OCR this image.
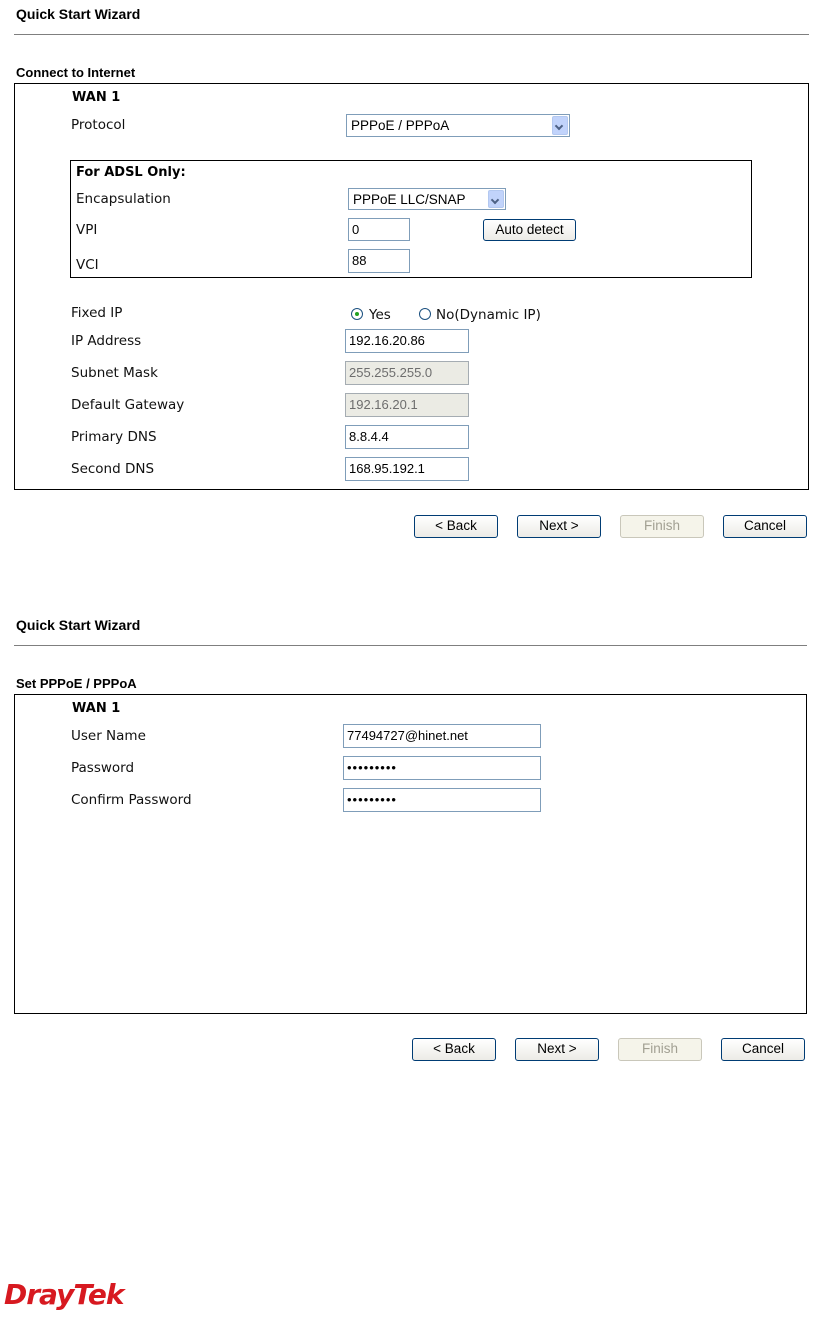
Quick Start Wizard
Connect to Internet
WAN 1
Protocol	PPPoE / PPPoA
For ADSL Only:
Encapsulation	PPPoE LLC/SNAP
VPI	0	Auto detect
VCI	88
Fixed IP	Yes	No(Dynamic IP)
IP Address	192.16.20.86
Subnet Mask	255.255.255.0
Default Gateway	192.16.20.1
Primary DNS	8.8.4.4
Second DNS	168.95.192.1
< Back	Next >	Finish	Cancel
Quick Start Wizard
Set PPPoE / PPPoA
WAN 1
User Name	77494727@hinet.net
Password	•••••••••
Confirm Password	•••••••••
< Back	Next >	Finish	Cancel
DrayTek
